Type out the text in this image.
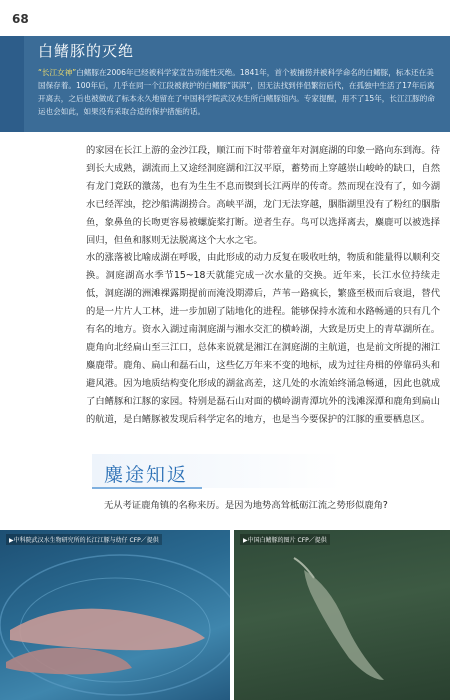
68
白鳍豚的灭绝
“长江女神”白鳍豚在2006年已经被科学家宣告功能性灭绝。1841年，首个被捕捞并被科学命名的白鳍豚，标本还在美国保存着。100年后，几乎在同一个江段被救护的白鳍豚“淇淇”，因无法找到伴侣繁衍后代，在孤独中生活了17年后离开离去，之后也被做成了标本永久地留在了中国科学院武汉水生所白鳍豚馆内。专家提醒，用不了15年，长江江豚的命运也会如此，如果没有采取合适的保护措施的话。
的家园在长江上游的金沙江段，顺江而下时带着童年对洞庭湖的印象一路向东到海。待到长大成熟，湖流而上又途经洞庭湖和江汉平原，蓄势而上穿越崇山峻岭的缺口，自然有龙门竟跃的激荡，也有为生生不息而锲到长江两岸的传奇。然而现在没有了，如今湖水已经浑浊，挖沙船满湖捞合。高峡平湖，龙门无法穿越，胭脂湖里没有了粉红的胭脂鱼，象鼻鱼的长吻更容易被螺旋桨打断。逆者生存。鸟可以选择离去，麋鹿可以被选择回归，但鱼和豚则无法脱离这个大水之宅。
水的涨落被比喻成湖在呼吸，由此形成的动力反复在吸收吐纳，物质和能量得以顺利交换。洞庭湖高水季节15~18天就能完成一次水量的交换。近年来，长江水位持续走低，洞庭湖的洲滩裸露期提前而淹没期滞后，芦苇一路疯长，繁盛至极而后衰退，替代的是一片片人工林，进一步加剧了陆地化的进程。能够保持水流和水路畅通的只有几个有名的地方。资水入湖过南洞庭湖与湘水交汇的横岭湖，大致是历史上的青草湖所在。鹿角向北经扁山至三江口，总体来说就是湘江在洞庭湖的主航道，也是前文所提的湘江麋鹿带。鹿角、扁山和磊石山，这些亿万年来不变的地标，成为过往舟楫的停靠码头和避风港。因为地质结构变化形成的湖盆高差，这几处的水流始终涌急畅通，因此也就成了白鳍豚和江豚的家园。特别是磊石山对面的横岭湖青潭坑外的浅滩深潭和鹿角到扁山的航道，是白鳍豚被发现后科学定名的地方，也是当今要保护的江豚的重要栖息区。
麋途知返
无从考证鹿角镇的名称来历。是因为地势高耸柢砺江流之势形似鹿角?
▶中科院武汉水生物研究所的长江江豚与幼仔 CFP／提供	▶中国白鳍豚的图片 CFP／提供
